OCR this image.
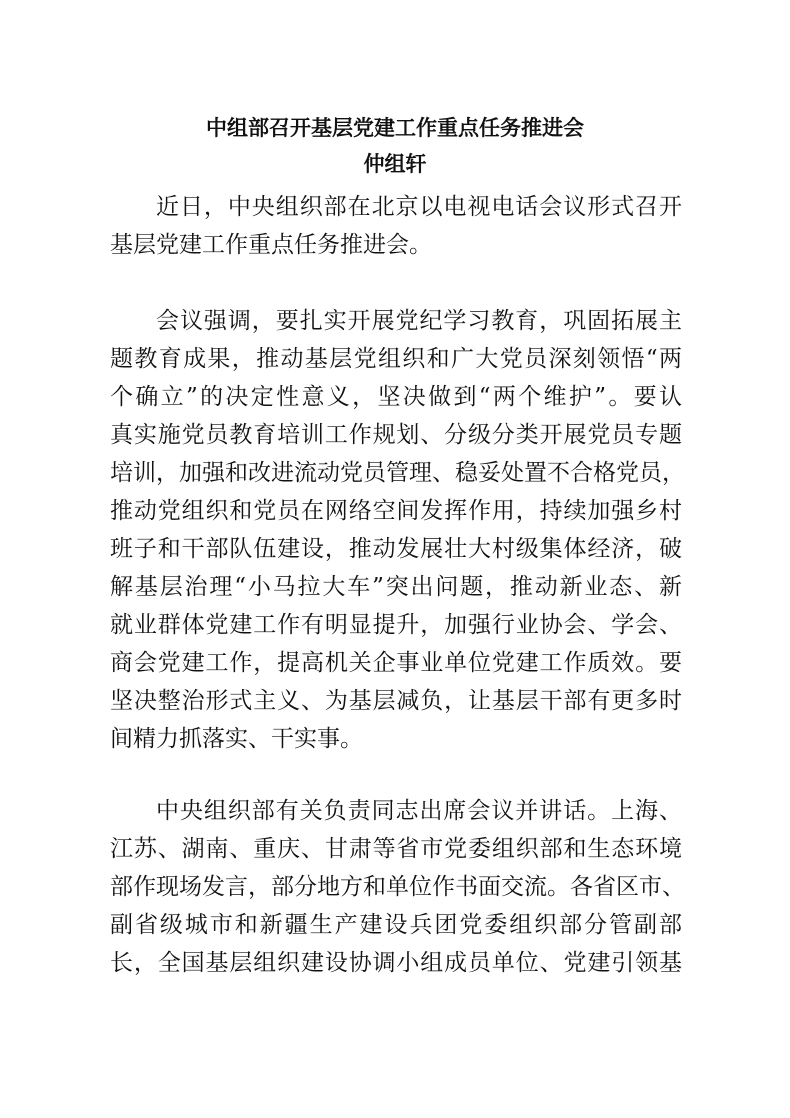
中组部召开基层党建工作重点任务推进会
仲组轩
近日，中央组织部在北京以电视电话会议形式召开
基层党建工作重点任务推进会。
会议强调，要扎实开展党纪学习教育，巩固拓展主
题教育成果，推动基层党组织和广大党员深刻领悟“两
个确立”的决定性意义，坚决做到“两个维护”。要认
真实施党员教育培训工作规划、分级分类开展党员专题
培训，加强和改进流动党员管理、稳妥处置不合格党员，
推动党组织和党员在网络空间发挥作用，持续加强乡村
班子和干部队伍建设，推动发展壮大村级集体经济，破
解基层治理“小马拉大车”突出问题，推动新业态、新
就业群体党建工作有明显提升，加强行业协会、学会、
商会党建工作，提高机关企事业单位党建工作质效。要
坚决整治形式主义、为基层减负，让基层干部有更多时
间精力抓落实、干实事。
中央组织部有关负责同志出席会议并讲话。上海、
江苏、湖南、重庆、甘肃等省市党委组织部和生态环境
部作现场发言，部分地方和单位作书面交流。各省区市、
副省级城市和新疆生产建设兵团党委组织部分管副部
长，全国基层组织建设协调小组成员单位、党建引领基
